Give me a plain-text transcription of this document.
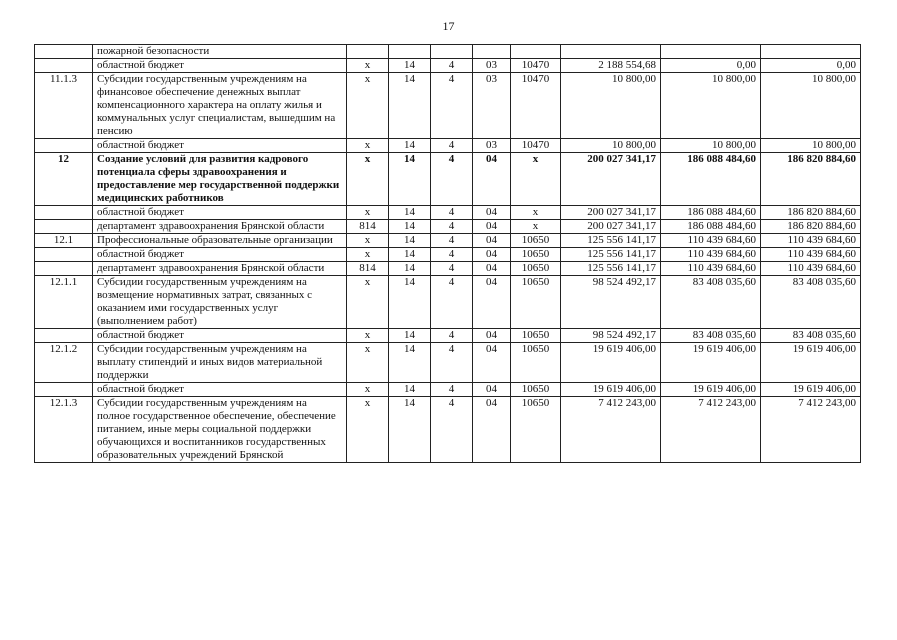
17
	пожарной безопасности								
	областной бюджет	х	14	4	03	10470	2 188 554,68	0,00	0,00
11.1.3	Субсидии государственным учреждениям на финансовое обеспечение денежных выплат компенсационного характера на оплату жилья и коммунальных услуг специалистам, вышедшим на пенсию	х	14	4	03	10470	10 800,00	10 800,00	10 800,00
	областной бюджет	х	14	4	03	10470	10 800,00	10 800,00	10 800,00
12	Создание условий для развития кадрового потенциала сферы здравоохранения и предоставление мер государственной поддержки медицинских работников	х	14	4	04	х	200 027 341,17	186 088 484,60	186 820 884,60
	областной бюджет	х	14	4	04	х	200 027 341,17	186 088 484,60	186 820 884,60
	департамент здравоохранения Брянской области	814	14	4	04	х	200 027 341,17	186 088 484,60	186 820 884,60
12.1	Профессиональные образовательные организации	х	14	4	04	10650	125 556 141,17	110 439 684,60	110 439 684,60
	областной бюджет	х	14	4	04	10650	125 556 141,17	110 439 684,60	110 439 684,60
	департамент здравоохранения Брянской области	814	14	4	04	10650	125 556 141,17	110 439 684,60	110 439 684,60
12.1.1	Субсидии государственным учреждениям на возмещение нормативных затрат, связанных с оказанием ими государственных услуг (выполнением работ)	х	14	4	04	10650	98 524 492,17	83 408 035,60	83 408 035,60
	областной бюджет	х	14	4	04	10650	98 524 492,17	83 408 035,60	83 408 035,60
12.1.2	Субсидии государственным учреждениям на выплату стипендий и иных видов материальной поддержки	х	14	4	04	10650	19 619 406,00	19 619 406,00	19 619 406,00
	областной бюджет	х	14	4	04	10650	19 619 406,00	19 619 406,00	19 619 406,00
12.1.3	Субсидии государственным учреждениям на полное государственное обеспечение, обеспечение питанием, иные меры социальной поддержки обучающихся и воспитанников государственных образовательных учреждений Брянской	х	14	4	04	10650	7 412 243,00	7 412 243,00	7 412 243,00
